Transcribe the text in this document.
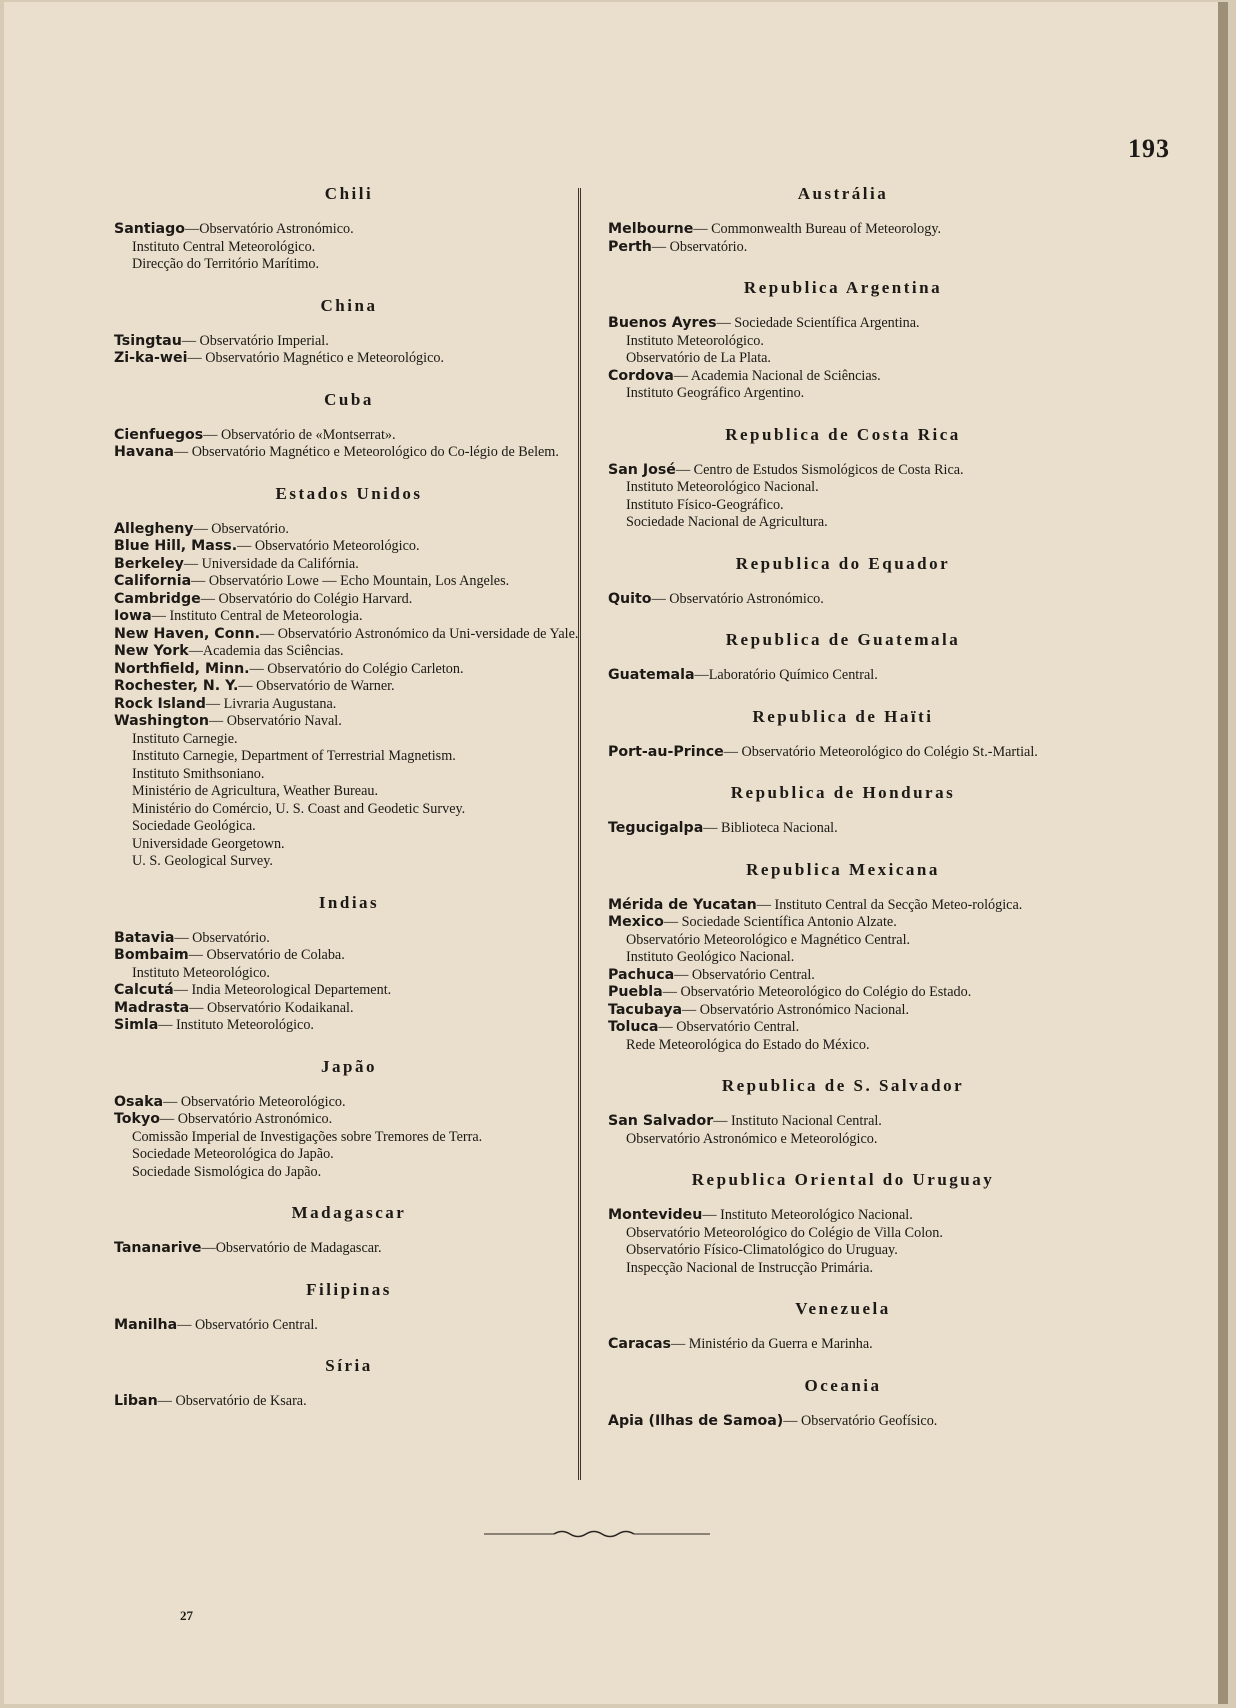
193
Chili
Santiago—Observatório Astronómico.
Instituto Central Meteorológico.
Direcção do Território Marítimo.
China
Tsingtau— Observatório Imperial.
Zi-ka-wei— Observatório Magnético e Meteorológico.
Cuba
Cienfuegos— Observatório de «Montserrat».
Havana— Observatório Magnético e Meteorológico do Co-légio de Belem.
Estados Unidos
Allegheny— Observatório.
Blue Hill, Mass.— Observatório Meteorológico.
Berkeley— Universidade da Califórnia.
California— Observatório Lowe — Echo Mountain, Los Angeles.
Cambridge— Observatório do Colégio Harvard.
Iowa— Instituto Central de Meteorologia.
New Haven, Conn.— Observatório Astronómico da Uni-versidade de Yale.
New York—Academia das Sciências.
Northfield, Minn.— Observatório do Colégio Carleton.
Rochester, N. Y.— Observatório de Warner.
Rock Island— Livraria Augustana.
Washington— Observatório Naval.
Instituto Carnegie.
Instituto Carnegie, Department of Terrestrial Magnetism.
Instituto Smithsoniano.
Ministério de Agricultura, Weather Bureau.
Ministério do Comércio, U. S. Coast and Geodetic Survey.
Sociedade Geológica.
Universidade Georgetown.
U. S. Geological Survey.
Indias
Batavia— Observatório.
Bombaim— Observatório de Colaba.
Instituto Meteorológico.
Calcutá— India Meteorological Departement.
Madrasta— Observatório Kodaikanal.
Simla— Instituto Meteorológico.
Japão
Osaka— Observatório Meteorológico.
Tokyo— Observatório Astronómico.
Comissão Imperial de Investigações sobre Tremores de Terra.
Sociedade Meteorológica do Japão.
Sociedade Sismológica do Japão.
Madagascar
Tananarive—Observatório de Madagascar.
Filipinas
Manilha— Observatório Central.
Síria
Liban— Observatório de Ksara.
Austrália
Melbourne— Commonwealth Bureau of Meteorology.
Perth— Observatório.
Republica Argentina
Buenos Ayres— Sociedade Scientífica Argentina.
Instituto Meteorológico.
Observatório de La Plata.
Cordova— Academia Nacional de Sciências.
Instituto Geográfico Argentino.
Republica de Costa Rica
San José— Centro de Estudos Sismológicos de Costa Rica.
Instituto Meteorológico Nacional.
Instituto Físico-Geográfico.
Sociedade Nacional de Agricultura.
Republica do Equador
Quito— Observatório Astronómico.
Republica de Guatemala
Guatemala—Laboratório Químico Central.
Republica de Haïti
Port-au-Prince— Observatório Meteorológico do Colégio St.-Martial.
Republica de Honduras
Tegucigalpa— Biblioteca Nacional.
Republica Mexicana
Mérida de Yucatan— Instituto Central da Secção Meteo-rológica.
Mexico— Sociedade Scientífica Antonio Alzate.
Observatório Meteorológico e Magnético Central.
Instituto Geológico Nacional.
Pachuca— Observatório Central.
Puebla— Observatório Meteorológico do Colégio do Estado.
Tacubaya— Observatório Astronómico Nacional.
Toluca— Observatório Central.
Rede Meteorológica do Estado do México.
Republica de S. Salvador
San Salvador— Instituto Nacional Central.
Observatório Astronómico e Meteorológico.
Republica Oriental do Uruguay
Montevideu— Instituto Meteorológico Nacional.
Observatório Meteorológico do Colégio de Villa Colon.
Observatório Físico-Climatológico do Uruguay.
Inspecção Nacional de Instrucção Primária.
Venezuela
Caracas— Ministério da Guerra e Marinha.
Oceania
Apia (Ilhas de Samoa)— Observatório Geofísico.
27
